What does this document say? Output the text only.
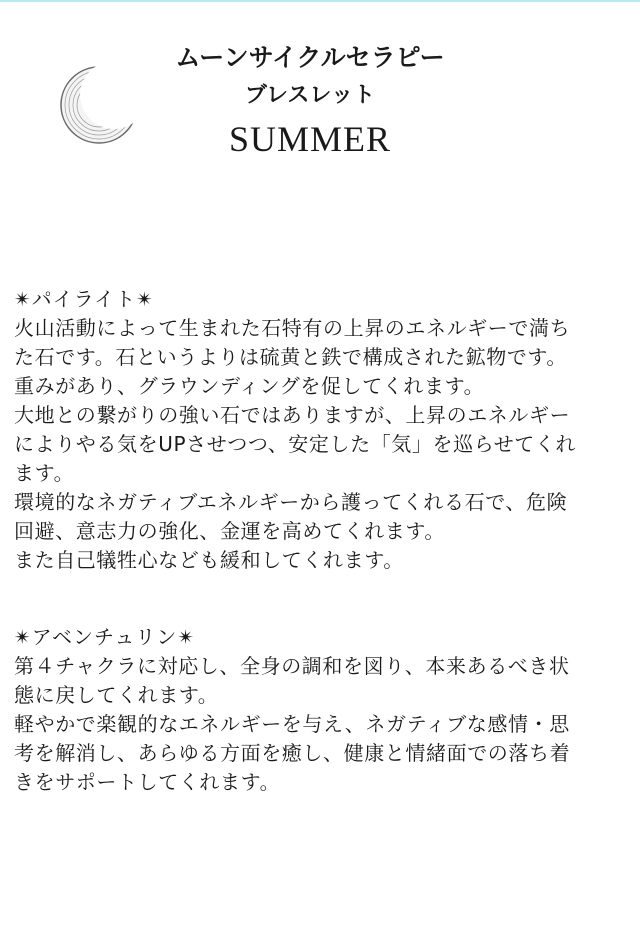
ムーンサイクルセラピー
ブレスレット
SUMMER
✴パイライト✴
火山活動によって生まれた石特有の上昇のエネルギーで満ち
た石です。石というよりは硫黄と鉄で構成された鉱物です。
重みがあり、グラウンディングを促してくれます。
大地との繋がりの強い石ではありますが、上昇のエネルギー
によりやる気をUPさせつつ、安定した「気」を巡らせてくれ
ます。
環境的なネガティブエネルギーから護ってくれる石で、危険
回避、意志力の強化、金運を高めてくれます。
また自己犠牲心なども緩和してくれます。
✴アベンチュリン✴
第４チャクラに対応し、全身の調和を図り、本来あるべき状
態に戻してくれます。
軽やかで楽観的なエネルギーを与え、ネガティブな感情・思
考を解消し、あらゆる方面を癒し、健康と情緒面での落ち着
きをサポートしてくれます。
